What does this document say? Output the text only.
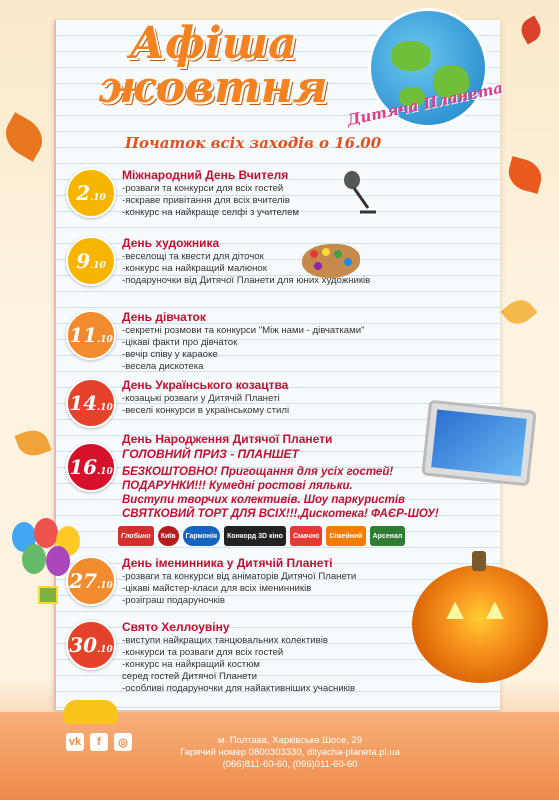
Афіша
жовтня	Дитяча Планета
Початок всіх заходів о 16.00
2 .10
Міжнародний День Вчителя
-розваги та конкурси для всіх гостей
-яскраве привітання для всіх вчителів
-конкурс на найкраще селфі з учителем
9 .10
День художника
-веселощі та квести для діточок
-конкурс на найкращий малюнок
-подаруночки від Дитячої Планети для юних художників
11 .10
День дівчаток
-секретні розмови та конкурси "Між нами - дівчатками"
-цікаві факти про дівчаток
-вечір співу у караоке
-весела дискотека
14 .10
День Українського козацтва
-козацькі розваги у Дитячій Планеті
-веселі конкурси в українському стилі
16 .10
День Народження Дитячої Планети
ГОЛОВНИЙ ПРИЗ - ПЛАНШЕТ
БЕЗКОШТОВНО! Пригощання для усіх гостей!
ПОДАРУНКИ!!! Кумедні ростові ляльки.
Виступи творчих колективів. Шоу паркуристів
СВЯТКОВИЙ ТОРТ ДЛЯ ВСІХ!!!,Дискотека! ФАЄР-ШОУ!
Глобино	Київ	Гармонія	Конкорд 3D кіно	Смачно	Сімейний	Арсенал
27 .10
День іменинника у Дитячій Планеті
-розваги та конкурси від аніматорів Дитячої Планети
-цікаві майстер-класи для всіх іменинників
-розіграш подаруночків	▲▲
30 .10
Свято Хеллоувіну
-виступи найкращих танцювальних колективів
-конкурси та розваги для всіх гостей
-конкурс на найкращий костюм
серед гостей Дитячої Планети
-особливі подаруночки для найактивніших учасників
vk	f	◎	м. Полтава, Харківське Шосе, 29
Гарячий номер 0800303330, dityacha-planeta.pl.ua
(066)811-60-60, (096)011-60-60
